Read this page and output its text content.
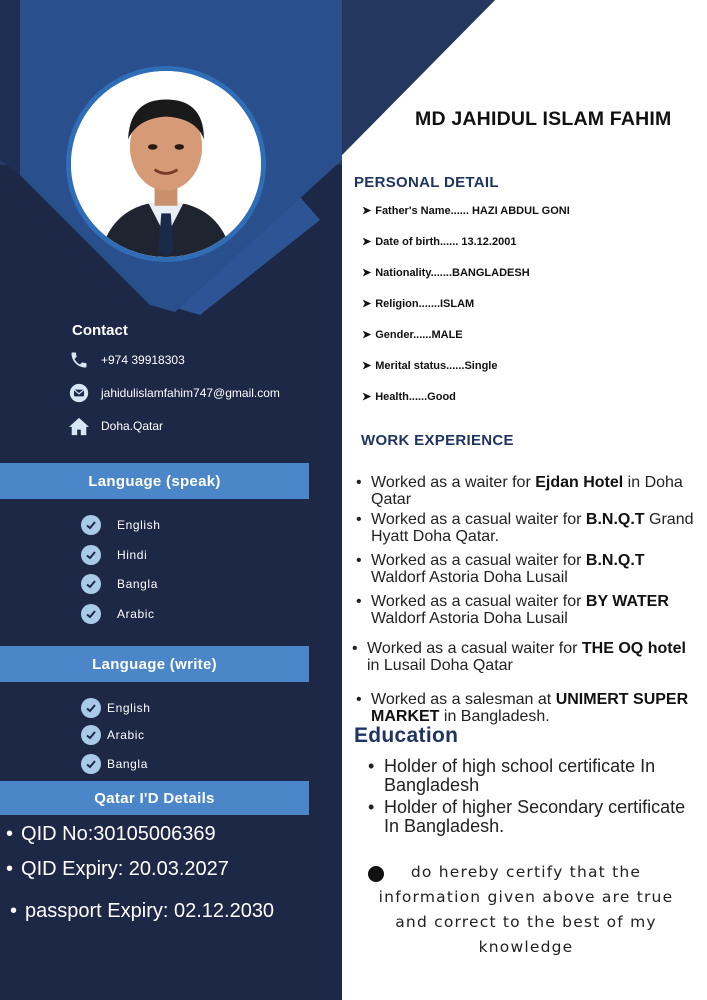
MD JAHIDUL ISLAM FAHIM
PERSONAL DETAIL
➤ Father's Name...... HAZI ABDUL GONI
➤ Date of birth...... 13.12.2001
➤ Nationality.......BANGLADESH
➤ Religion.......ISLAM
➤ Gender......MALE
➤ Merital status......Single
➤ Health......Good
WORK EXPERIENCE
• Worked as a waiter for Ejdan Hotel in Doha Qatar
• Worked as a casual waiter for B.N.Q.T Grand Hyatt Doha Qatar.
• Worked as a casual waiter for B.N.Q.T Waldorf Astoria Doha Lusail
• Worked as a casual waiter for BY WATER Waldorf Astoria Doha Lusail
• Worked as a casual waiter for THE OQ hotel in Lusail Doha Qatar
• Worked as a salesman at UNIMERT SUPER MARKET in Bangladesh.
Education
• Holder of high school certificate In Bangladesh
• Holder of higher Secondary certificate In Bangladesh.
do hereby certify that the information given above are true and correct to the best of my knowledge
Contact
+974 39918303
jahidulislamfahim747@gmail.com
Doha.Qatar
Language (speak)
English
Hindi
Bangla
Arabic
Language (write)
English
Arabic
Bangla
Qatar I'D Details
• QID No:30105006369
• QID Expiry: 20.03.2027
• passport Expiry: 02.12.2030
